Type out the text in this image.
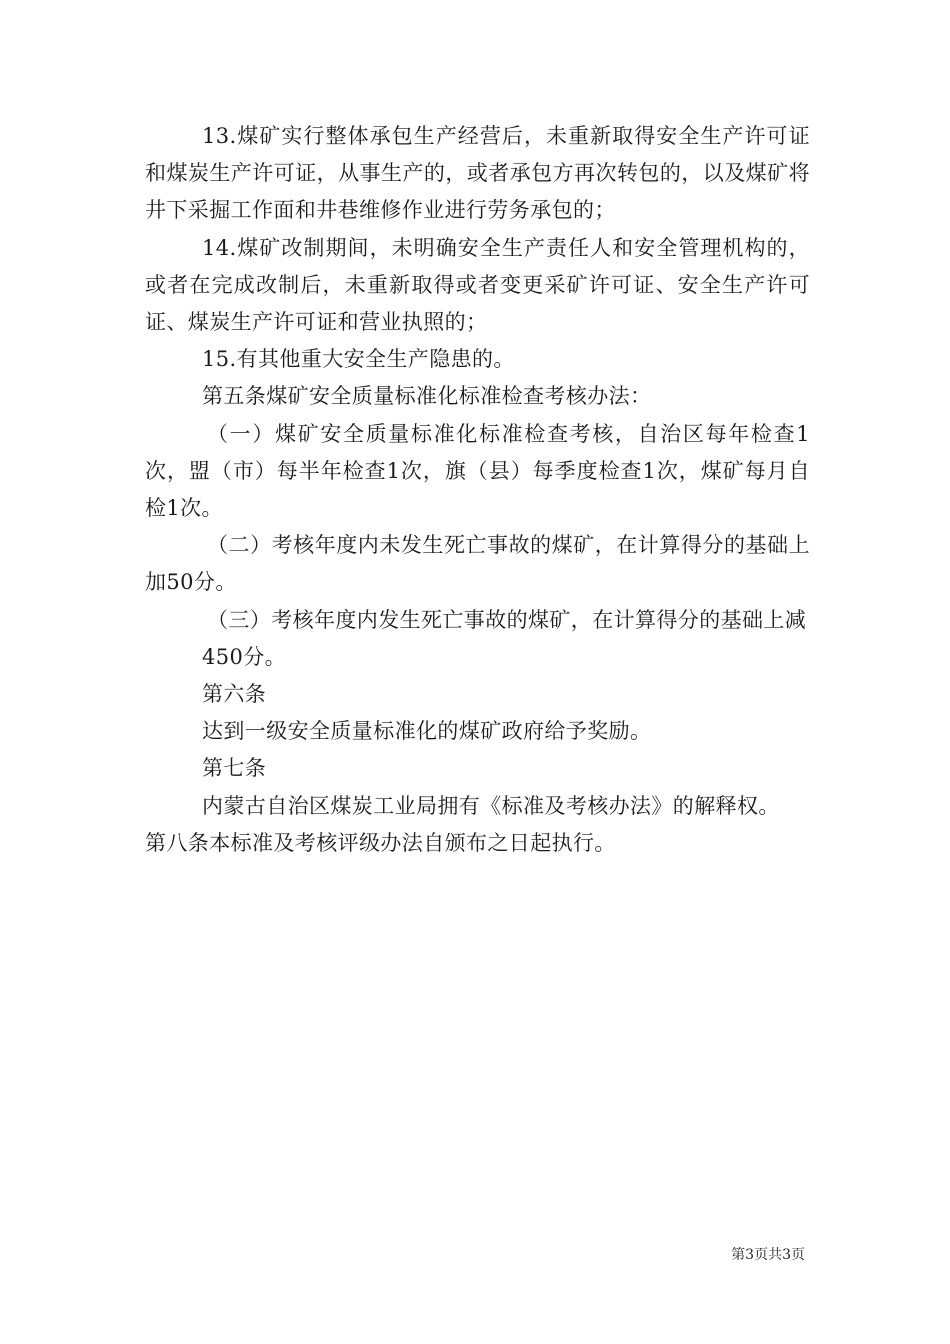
13.煤矿实行整体承包生产经营后，未重新取得安全生产许可证和煤炭生产许可证，从事生产的，或者承包方再次转包的，以及煤矿将井下采掘工作面和井巷维修作业进行劳务承包的；

14.煤矿改制期间，未明确安全生产责任人和安全管理机构的，或者在完成改制后，未重新取得或者变更采矿许可证、安全生产许可证、煤炭生产许可证和营业执照的；

15.有其他重大安全生产隐患的。

第五条煤矿安全质量标准化标准检查考核办法：

（一）煤矿安全质量标准化标准检查考核，自治区每年检查1次，盟（市）每半年检查1次，旗（县）每季度检查1次，煤矿每月自检1次。

（二）考核年度内未发生死亡事故的煤矿，在计算得分的基础上加50分。

（三）考核年度内发生死亡事故的煤矿，在计算得分的基础上减

450分。

第六条

达到一级安全质量标准化的煤矿政府给予奖励。

第七条

内蒙古自治区煤炭工业局拥有《标准及考核办法》的解释权。

第八条本标准及考核评级办法自颁布之日起执行。

第3页共3页
